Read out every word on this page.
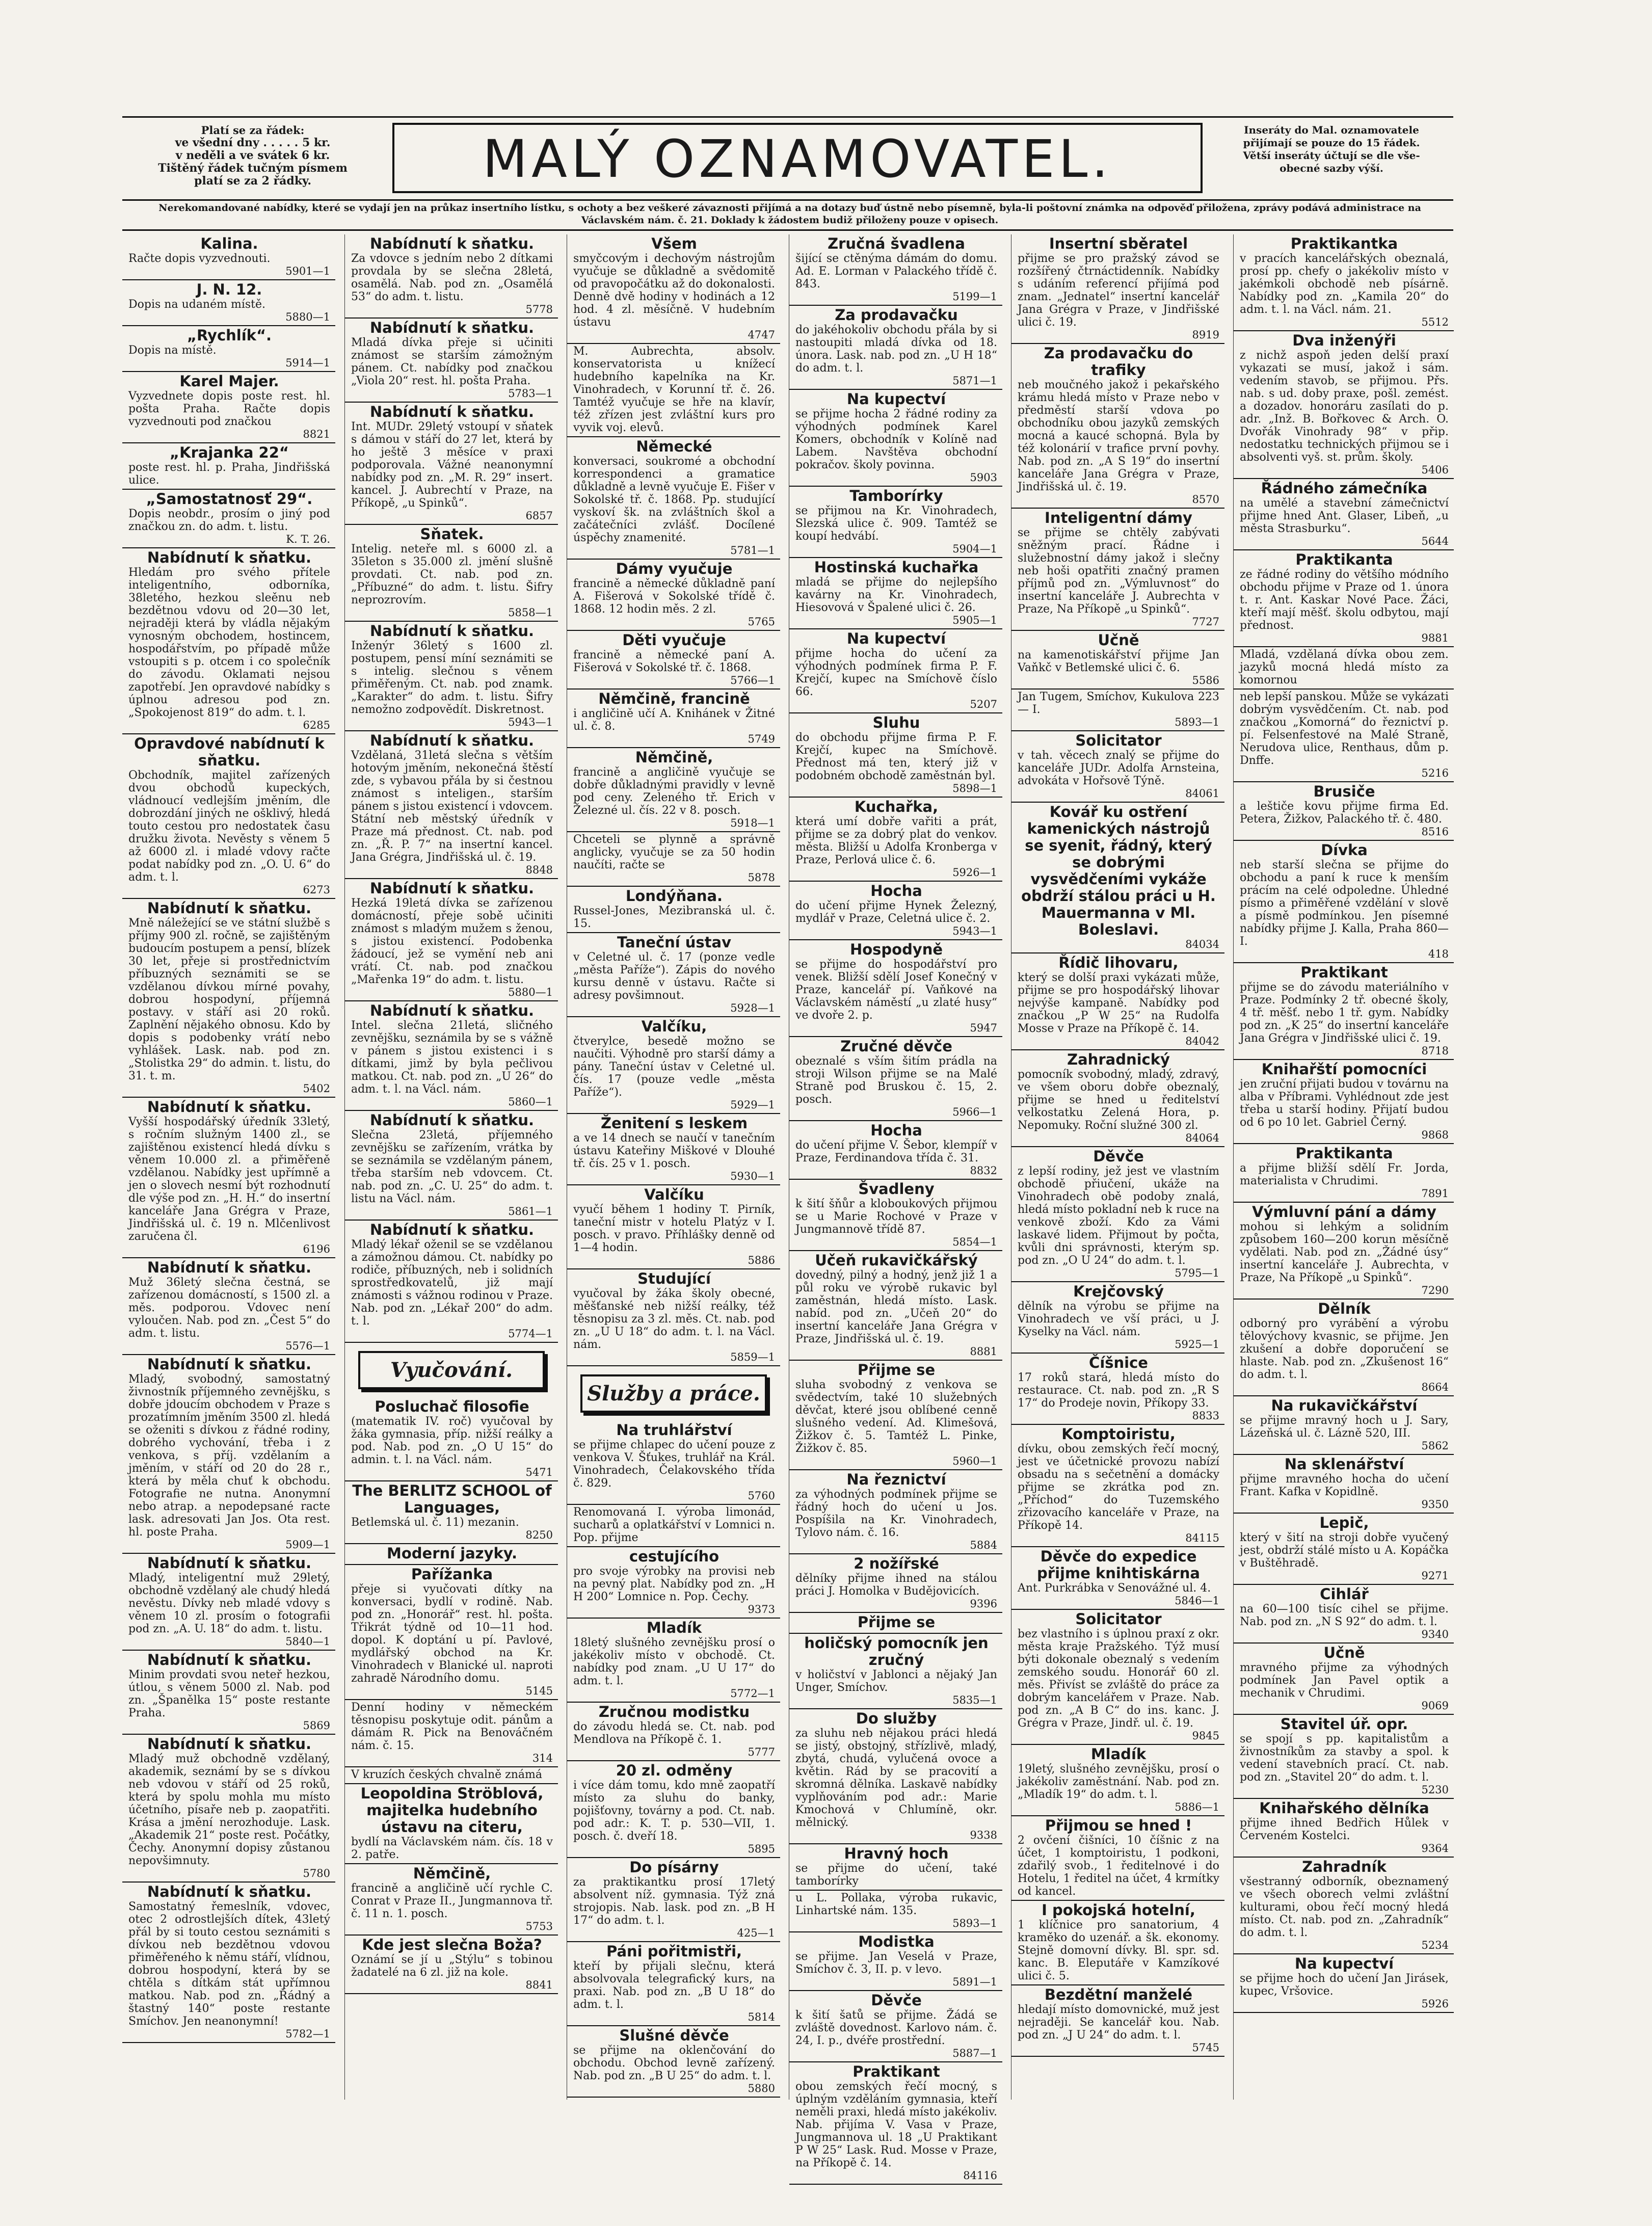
Platí se za řádek:
ve všední dny . . . . . 5 kr.
v neděli a ve svátek 6 kr.
Tištěný řádek tučným písmem
platí se za 2 řádky.	MALÝ OZNAMOVATEL.	Inseráty do Mal. oznamovatele
přijímají se pouze do 15 řádek.
Větší inseráty účtují se dle vše-
obecné sazby výší.
Nerekomandované nabídky, které se vydají jen na průkaz insertního lístku, s ochoty a bez veškeré závaznosti přijímá a na dotazy buď ústně nebo písemně, byla-li poštovní známka na odpověď přiložena, zprávy podává administrace na Václavském nám. č. 21. Doklady k žádostem budiž přiloženy pouze v opisech.
Kalina.
Račte dopis vyzvednouti.
5901—1
J. N. 12.
Dopis na udaném místě.
5880—1
„Rychlík“.
Dopis na místě.
5914—1
Karel Majer.
Vyzvednete dopis poste rest. hl. pošta Praha. Račte dopis vyzvednouti pod značkou
8821
„Krajanka 22“
poste rest. hl. p. Praha, Jindřišská ulice.
„Samostatnosť 29“.
Dopis neobdr., prosím o jiný pod značkou zn. do adm. t. listu.
K. T. 26.
Nabídnutí k sňatku.
Hledám pro svého přítele inteligentního, odborníka, 38letého, hezkou sleěnu neb bezdětnou vdovu od 20—30 let, nejraději která by vládla nějakým vynosným obchodem, hostincem, hospodářstvím, po případě může vstoupiti s p. otcem i co společník do závodu. Oklamati nejsou zapotřebí. Jen opravdové nabídky s úplnou adresou pod zn. „Spokojenost 819“ do adm. t. l.
6285
Opravdové nabídnutí k sňatku.
Obchodník, majitel zařízených dvou obchodů kupeckých, vládnoucí vedlejším jměním, dle dobrozdání jiných ne ošklivý, hledá touto cestou pro nedostatek času družku života. Nevěsty s věnem 5 až 6000 zl. i mladé vdovy račte podat nabídky pod zn. „O. U. 6“ do adm. t. l.
6273
Nabídnutí k sňatku.
Mně náležející se ve státní službě s příjmy 900 zl. ročně, se zajištěným budoucím postupem a pensí, blízek 30 let, přeje si prostřednictvím příbuzných seznámiti se se vzdělanou dívkou mírné povahy, dobrou hospodyní, příjemná postavy. v stáří asi 20 roků. Zaplnění nějakého obnosu. Kdo by dopis s podobenky vrátí nebo vyhlášek. Lask. nab. pod zn. „Stolistka 29“ do admin. t. listu, do 31. t. m.
5402
Nabídnutí k sňatku.
Vyšší hospodářský úředník 33letý, s ročním služným 1400 zl., se zajištěnou existencí hledá dívku s věnem 10.000 zl. a přiměřeně vzdělanou. Nabídky jest upřímně a jen o slovech nesmí být rozhodnutí dle výše pod zn. „H. H.“ do insertní kanceláře Jana Grégra v Praze, Jindřišská ul. č. 19 n. Mlčenlivost zaručena čl.
6196
Nabídnutí k sňatku.
Muž 36letý slečna čestná, se zařízenou domácností, s 1500 zl. a měs. podporou. Vdovec není vyloučen. Nab. pod zn. „Čest 5“ do adm. t. listu.
5576—1
Nabídnutí k sňatku.
Mladý, svobodný, samostatný živnostník příjemného zevnějšku, s dobře jdoucím obchodem v Praze s prozatímním jměním 3500 zl. hledá se oženiti s dívkou z řádné rodiny, dobrého vychování, třeba i z venkova, s příj. vzdělaním a jměním, v stáří od 20 do 28 r., která by měla chuť k obchodu. Fotografie ne nutna. Anonymní nebo atrap. a nepodepsané racte lask. adresovati Jan Jos. Ota rest. hl. poste Praha.
5909—1
Nabídnutí k sňatku.
Mladý, inteligentní muž 29letý, obchodně vzdělaný ale chudý hledá nevěstu. Dívky neb mladé vdovy s věnem 10 zl. prosím o fotografii pod zn. „A. U. 18“ do adm. t. listu.
5840—1
Nabídnutí k sňatku.
Minim provdati svou neteř hezkou, útlou, s věnem 5000 zl. Nab. pod zn. „Španělka 15“ poste restante Praha.
5869
Nabídnutí k sňatku.
Mladý muž obchodně vzdělaný, akademik, seznámí by se s dívkou neb vdovou v stáří od 25 roků, která by spolu mohla mu místo účetního, písaře neb p. zaopatřiti. Krása a jmění nerozhoduje. Lask. „Akademik 21“ poste rest. Počátky, Čechy. Anonymní dopisy zůstanou nepovšimnuty.
5780
Nabídnutí k sňatku.
Samostatný řemeslník, vdovec, otec 2 odrostlejších dítek, 43letý přál by si touto cestou seznámiti s dívkou neb bezdětnou vdovou přiměřeného k němu stáří, vlídnou, dobrou hospodyní, která by se chtěla s dítkám stát upřímnou matkou. Nab. pod zn. „Řádný a štastný 140“ poste restante Smíchov. Jen neanonymní!
5782—1
Nabídnutí k sňatku.
Za vdovce s jedním nebo 2 dítkami provdala by se slečna 28letá, osamělá. Nab. pod zn. „Osamělá 53“ do adm. t. listu.
5778
Nabídnutí k sňatku.
Mladá dívka přeje si učiniti známost se starším zámožným pánem. Ct. nabídky pod značkou „Viola 20“ rest. hl. pošta Praha.
5783—1
Nabídnutí k sňatku.
Int. MUDr. 29letý vstoupí v sňatek s dámou v stáří do 27 let, která by ho ještě 3 měsíce v praxi podporovala. Vážné neanonymní nabídky pod zn. „M. R. 29“ insert. kancel. J. Aubrechtí v Praze, na Příkopě, „u Spinků“.
6857
Sňatek.
Intelig. neteře ml. s 6000 zl. a 35leton s 35.000 zl. jmění slušně provdati. Ct. nab. pod zn. „Příbuzné“ do adm. t. listu. Šifry neprozrovím.
5858—1
Nabídnutí k sňatku.
Inženýr 36letý s 1600 zl. postupem, pensí míní seznámiti se s intelig. slečnou s věnem přiměřeným. Ct. nab. pod znamk. „Karakter“ do adm. t. listu. Šifry nemožno zodpovědít. Diskretnost.
5943—1
Nabídnutí k sňatku.
Vzdělaná, 31letá slečna s větším hotovým jměním, nekonečná štěstí zde, s vybavou přála by si čestnou známost s inteligen., starším pánem s jistou existencí i vdovcem. Státní neb městský úředník v Praze má přednost. Ct. nab. pod zn. „Ř. P. 7“ na insertní kancel. Jana Grégra, Jindřišská ul. č. 19.
8848
Nabídnutí k sňatku.
Hezká 19letá dívka se zařízenou domácností, přeje sobě učiniti známost s mladým mužem s ženou, s jistou existencí. Podobenka žádoucí, jež se vymění neb ani vrátí. Ct. nab. pod značkou „Mařenka 19“ do adm. t. listu.
5880—1
Nabídnutí k sňatku.
Intel. slečna 21letá, sličného zevnějšku, seznámila by se s vážně v pánem s jistou existenci i s dítkami, jimž by byla pečlivou matkou. Ct. nab. pod zn. „U 26“ do adm. t. l. na Václ. nám.
5860—1
Nabídnutí k sňatku.
Slečna 23letá, příjemného zevnějšku se zařízením, vrátka by se seznámila se vzdělaným pánem, třeba starším neb vdovcem. Ct. nab. pod zn. „C. U. 25“ do adm. t. listu na Václ. nám.
5861—1
Nabídnutí k sňatku.
Mladý lékař oženil se se vzdělanou a zámožnou dámou. Ct. nabídky po rodiče, příbuzných, neb i solidních sprostředkovatelů, již mají známosti s vážnou rodinou v Praze. Nab. pod zn. „Lékař 200“ do adm. t. l.
5774—1
Vyučování.
Posluchač filosofie
(matematik IV. roč) vyučoval by žáka gymnasia, příp. nižší reálky a pod. Nab. pod zn. „O U 15“ do admin. t. l. na Václ. nám.
5471
The BERLITZ SCHOOL of Languages,
Betlemská ul. č. 11) mezanin.
8250
Moderní jazyky.
Pařížanka
přeje si vyučovati dítky na konversaci, bydlí v rodině. Nab. pod zn. „Honorář“ rest. hl. pošta. Třikrát týdně od 10—11 hod. dopol. K doptání u pí. Pavlové, mydlářský obchod na Kr. Vinohradech v Blanické ul. naproti zahradě Národního domu.
5145
Denní hodiny v německém těsnopisu poskytuje odit. pánům a dámám R. Pick na Benováčném nám. č. 15.
314
V kruzích českých chvalně známá
Leopoldina Ströblová, majitelka hudebního ústavu na citeru,
bydlí na Václavském nám. čís. 18 v 2. patře.
Němčině,
francině a angličině učí rychle C. Conrat v Praze II., Jungmannova tř. č. 11 n. 1. posch.
5753
Kde jest slečna Boža?
Oznámí se jí u „Stýlu“ s tobinou žadatelé na 6 zl. již na kole.
8841
Všem
smyčcovým i dechovým nástrojům vyučuje se důkladně a svědomitě od pravopočátku až do dokonalosti. Denně dvě hodiny v hodinách a 12 hod. 4 zl. měsíčně. V hudebním ústavu
4747
M. Aubrechta, absolv. konservatorista u knížecí hudebního kapelníka na Kr. Vinohradech, v Korunní tř. č. 26. Tamtéž vyučuje se hře na klavír, též zřízen jest zvláštní kurs pro vyvik voj. elevů.
Německé
konversaci, soukromé a obchodní korrespondenci a gramatice důkladně a levně vyučuje E. Fišer v Sokolské tř. č. 1868. Pp. studující vyskoví šk. na zvláštních škol a začátečníci zvlášť. Docílené úspěchy znamenité.
5781—1
Dámy vyučuje
francině a německé důkladně paní A. Fišerová v Sokolské třídě č. 1868. 12 hodin měs. 2 zl.
5765
Děti vyučuje
francině a německé paní A. Fišerová v Sokolské tř. č. 1868.
5766—1
Němčině, francině
i angličině učí A. Knihánek v Žitné ul. č. 8.
5749
Němčině,
francině a angličině vyučuje se dobře důkladnými pravidly v levně pod ceny. Zeleného tř. Erich v Železné ul. čís. 22 v 8. posch.
5918—1
Chceteli se plynně a správně anglicky, vyučuje se za 50 hodin naučíti, račte se
5878
Londýňana.
Russel-Jones, Mezibranská ul. č. 15.
Taneční ústav
v Celetné ul. č. 17 (ponze vedle „města Paříže“). Zápis do nového kursu denně v ústavu. Račte si adresy povšimnout.
5928—1
Valčíku,
čtverylce, besedě možno se naučiti. Výhodně pro starší dámy a pány. Taneční ústav v Celetné ul. čís. 17 (pouze vedle „města Paříže“).
5929—1
Ženitení s leskem
a ve 14 dnech se naučí v tanečním ústavu Kateřiny Miškové v Dlouhé tř. čís. 25 v 1. posch.
5930—1
Valčíku
vyučí během 1 hodiny T. Pirník, taneční mistr v hotelu Platýz v I. posch. v pravo. Příhlášky denně od 1—4 hodin.
5886
Studující
vyučoval by žáka školy obecné, měšťanské neb nižší reálky, též těsnopisu za 3 zl. měs. Ct. nab. pod zn. „U U 18“ do adm. t. l. na Václ. nám.
5859—1
Služby a práce.
Na truhlářství
se přijme chlapec do učení pouze z venkova V. Šťukes, truhlář na Král. Vinohradech, Čelakovského třída č. 829.
5760
Renomovaná I. výroba limonád, sucharů a oplatkářství v Lomnici n. Pop. přijme
cestujícího
pro svoje výrobky na provisi neb na pevný plat. Nabídky pod zn. „H H 200“ Lomnice n. Pop. Čechy.
9373
Mladík
18letý slušného zevnějšku prosí o jakékoliv místo v obchodě. Ct. nabídky pod znam. „U U 17“ do adm. t. l.
5772—1
Zručnou modistku
do závodu hledá se. Ct. nab. pod Mendlova na Příkopě č. 1.
5777
20 zl. odměny
i více dám tomu, kdo mně zaopatří místo za sluhu do banky, pojišťovny, továrny a pod. Ct. nab. pod adr.: K. T. p. 530—VII, 1. posch. č. dveří 18.
5895
Do písárny
za praktikantku prosí 17letý absolvent níž. gymnasia. Týž zná strojopis. Nab. lask. pod zn. „B H 17“ do adm. t. l.
425—1
Páni pořitmistři,
kteří by přijali slečnu, která absolvovala telegrafický kurs, na praxi. Nab. pod zn. „B U 18“ do adm. t. l.
5814
Slušné děvče
se přijme na oklenčování do obchodu. Obchod levně zařízený. Nab. pod zn. „B U 25“ do adm. t. l.
5880
Zručná švadlena
šijící se ctěnýma dámám do domu. Ad. E. Lorman v Palackého třídě č. 843.
5199—1
Za prodavačku
do jakéhokoliv obchodu přála by si nastoupiti mladá dívka od 18. února. Lask. nab. pod zn. „U H 18“ do adm. t. l.
5871—1
Na kupectví
se přijme hocha 2 řádné rodiny za výhodných podmínek Karel Komers, obchodník v Kolíně nad Labem. Navštěva obchodní pokračov. školy povinna.
5903
Tamborírky
se přijmou na Kr. Vinohradech, Slezská ulice č. 909. Tamtéž se koupí hedvábí.
5904—1
Hostinská kuchařka
mladá se přijme do nejlepšího kavárny na Kr. Vinohradech, Hiesovová v Špalené ulici č. 26.
5905—1
Na kupectví
přijme hocha do učení za výhodných podmínek firma P. F. Krejčí, kupec na Smíchově číslo 66.
5207
Sluhu
do obchodu přijme firma P. F. Krejčí, kupec na Smíchově. Přednost má ten, který již v podobném obchodě zaměstnán byl.
5898—1
Kuchařka,
která umí dobře vařiti a prát, přijme se za dobrý plat do venkov. města. Bližší u Adolfa Kronberga v Praze, Perlová ulice č. 6.
5926—1
Hocha
do učení přijme Hynek Železný, mydlář v Praze, Celetná ulice č. 2.
5943—1
Hospodyně
se přijme do hospodářství pro venek. Bližší sdělí Josef Konečný v Praze, kancelář pí. Vaňkové na Václavském náměstí „u zlaté husy“ ve dvoře 2. p.
5947
Zručné děvče
obeznalé s vším šitím prádla na stroji Wilson přijme se na Malé Straně pod Bruskou č. 15, 2. posch.
5966—1
Hocha
do učení přijme V. Šebor, klempíř v Praze, Ferdinandova třída č. 31.
8832
Švadleny
k šití šňůr a kloboukových přijmou se u Marie Rochové v Praze v Jungmannově třídě 87.
5854—1
Učeň rukavičkářský
dovedný, pilný a hodný, jenž již 1 a půl roku ve výrobě rukavic byl zaměstnán, hledá místo. Lask. nabíd. pod zn. „Učeň 20“ do insertní kanceláře Jana Grégra v Praze, Jindřišská ul. č. 19.
8881
Přijme se
sluha svobodný z venkova se svědectvím, také 10 služebných děvčat, které jsou oblíbené cenně slušného vedení. Ad. Klimešová, Žižkov č. 5. Tamtéž L. Pinke, Žižkov č. 85.
5960—1
Na řeznictví
za výhodných podmínek přijme se řádný hoch do učení u Jos. Pospíšila na Kr. Vinohradech, Tylovo nám. č. 16.
5884
2 nožířské
dělníky přijme ihned na stálou práci J. Homolka v Budějovicích.
9396
Přijme se
holičský pomocník jen zručný
v holičství v Jablonci a nějaký Jan Unger, Smíchov.
5835—1
Do služby
za sluhu neb nějakou práci hledá se jistý, obstojný, střízlivě, mladý, zbytá, chudá, vylučená ovoce a květin. Rád by se pracovití a skromná dělníka. Laskavě nabídky vyplňováním pod adr.: Marie Kmochová v Chlumíně, okr. mělnický.
9338
Hravný hoch
se přijme do učení, také tamborírky
u L. Pollaka, výroba rukavic, Linhartské nám. 135.
5893—1
Modistka
se přijme. Jan Veselá v Praze, Smíchov č. 3, II. p. v levo.
5891—1
Děvče
k šití šatů se přijme. Žádá se zvláště dovednost. Karlovo nám. č. 24, I. p., dvéře prostřední.
5887—1
Praktikant
obou zemských řečí mocný, s úplným vzděláním gymnasia, kteří neměli praxi, hledá místo jakékoliv. Nab. přijíma V. Vasa v Praze, Jungmannova ul. 18 „U Praktikant P W 25“ Lask. Rud. Mosse v Praze, na Příkopě č. 14.
84116
Insertní sběratel
přijme se pro pražský závod se rozšířený čtrnáctidenník. Nabídky s udáním referencí přijímá pod znam. „Jednatel“ insertní kancelář Jana Grégra v Praze, v Jindřišské ulici č. 19.
8919
Za prodavačku do trafiky
neb moučného jakož i pekařského krámu hledá místo v Praze nebo v předměstí starší vdova po obchodníku obou jazyků zemských mocná a kaucé schopná. Byla by též kolonárií v trafice první povhy. Nab. pod zn. „A S 19“ do insertní kanceláře Jana Grégra v Praze, Jindřišská ul. č. 19.
8570
Inteligentní dámy
se přijme se chtěly zabývati sněžným prací. Řádne i služebnostní dámy jakož i slečny neb hoši opatřiti značný pramen příjmů pod zn. „Výmluvnost“ do insertní kanceláře J. Aubrechta v Praze, Na Příkopě „u Spinků“.
7727
Učně
na kamenotiskářství přijme Jan Vaňkč v Betlemské ulici č. 6.
5586
Jan Tugem, Smíchov, Kukulova 223 — I.
5893—1
Solicitator
v tah. věcech znalý se přijme do kanceláře JUDr. Adolfa Arnsteina, advokáta v Hořsově Týně.
84061
Kovář ku ostření kamenických nástrojů se syenit, řádný, který se dobrými vysvědčeními vykáže obdrží stálou práci u H. Mauermanna v Ml. Boleslavi.
84034
Řídič lihovaru,
který se dolší praxi vykázati může, přijme se pro hospodářský lihovar nejvýše kampaně. Nabídky pod značkou „P W 25“ na Rudolfa Mosse v Praze na Příkopě č. 14.
84042
Zahradnický
pomocník svobodný, mladý, zdravý, ve všem oboru dobře obeznalý, přijme se hned u ředitelství velkostatku Zelená Hora, p. Nepomuky. Roční služné 300 zl.
84064
Děvče
z lepší rodiny, jež jest ve vlastním obchodě přiučení, ukáže na Vinohradech obě podoby znalá, hledá místo pokladní neb k ruce na venkově zboží. Kdo za Vámi laskavé lidem. Přijmout by počta, kvůli dni správnosti, kterým sp. pod zn. „O U 24“ do adm. t. l.
5795—1
Krejčovský
dělník na výrobu se přijme na Vinohradech ve vší práci, u J. Kyselky na Václ. nám.
5925—1
Číšnice
17 roků stará, hledá místo do restaurace. Ct. nab. pod zn. „R S 17“ do Prodeje novin, Příkopy 33.
8833
Komptoiristu,
dívku, obou zemských řečí mocný, jest ve účetnické provozu nabízí obsadu na s sečetnění a domácky přijme se zkrátka pod zn. „Příchod“ do Tuzemského zřizovacího kanceláře v Praze, na Příkopě 14.
84115
Děvče do expedice přijme knihtiskárna
Ant. Purkrábka v Senovážné ul. 4.
5846—1
Solicitator
bez vlastního i s úplnou praxí z okr. města kraje Pražského. Týž musí býti dokonale obeznalý s vedením zemského soudu. Honorář 60 zl. měs. Přivíst se zvláště do práce za dobrým kancelářem v Praze. Nab. pod zn. „A B C“ do ins. kanc. J. Grégra v Praze, Jindř. ul. č. 19.
9845
Mladík
19letý, slušného zevnějšku, prosí o jakékoliv zaměstnání. Nab. pod zn. „Mladík 19“ do adm. t. l.
5886—1
Přijmou se hned !
2 ovčení čišníci, 10 číšnic z na účet, 1 komptoiristu, 1 podkoni, zdařilý svob., 1 ředitelnové i do Hotelu, 1 ředitel na účet, 4 krmítky od kancel.
I pokojská hotelní,
1 klíčnice pro sanatorium, 4 kraměko do uzenář. a šk. ekonomy. Stejně domovní dívky. Bl. spr. sd. kanc. B. Eleputáře v Kamzíkové ulici č. 5.
Bezdětní manželé
hledají místo domovnické, muž jest nejraději. Se kancelář kou. Nab. pod zn. „J U 24“ do adm. t. l.
5745
Praktikantka
v pracích kancelářských obeznalá, prosí pp. chefy o jakékoliv místo v jakémkoli obchodě neb písárně. Nabídky pod zn. „Kamila 20“ do adm. t. l. na Václ. nám. 21.
5512
Dva inženýři
z nichž aspoň jeden delší praxí vykazati se musí, jakož i sám. vedením stavob, se přijmou. Přs. nab. s ud. doby praxe, pošl. zemést. a dozadov. honoráru zasílati do p. adr. „Inž. B. Bořkovec & Arch. O. Dvořák Vinohrady 98“ v přip. nedostatku technických přijmou se i absolventi vyš. st. prům. školy.
5406
Řádného zámečníka
na umělé a stavební zámečnictví přijme hned Ant. Glaser, Libeň, „u města Strasburku“.
5644
Praktikanta
ze řádné rodiny do většího módního obchodu přijme v Praze od 1. února t. r. Ant. Kaskar Nové Pace. Žáci, kteří mají měšť. školu odbytou, mají přednost.
9881
Mladá, vzdělaná dívka obou zem. jazyků mocná hledá místo za komornou
neb lepší panskou. Může se vykázati dobrým vysvědčením. Ct. nab. pod značkou „Komorná“ do řeznictví p. pí. Felsenfestové na Malé Straně, Nerudova ulice, Renthaus, dům p. Dnffe.
5216
Brusiče
a leštiče kovu přijme firma Ed. Petera, Žižkov, Palackého tř. č. 480.
8516
Dívka
neb starší slečna se přijme do obchodu a paní k ruce k menším prácím na celé odpoledne. Úhledné písmo a přiměřené vzdělání v slově a písmě podmínkou. Jen písemné nabídky přijme J. Kalla, Praha 860—I.
418
Praktikant
přijme se do závodu materiálního v Praze. Podmínky 2 tř. obecné školy, 4 tř. měšť. nebo 1 tř. gym. Nabídky pod zn. „K 25“ do insertní kanceláře Jana Grégra v Jindřišské ulici č. 19.
8718
Knihařští pomocníci
jen zruční přijati budou v továrnu na alba v Příbrami. Vyhlédnout zde jest třeba u starší hodiny. Přijatí budou od 6 po 10 let. Gabriel Černý.
9868
Praktikanta
a přijme bližší sdělí Fr. Jorda, materialista v Chrudimi.
7891
Výmluvní pání a dámy
mohou si lehkým a solidním způsobem 160—200 korun měsíčně vydělati. Nab. pod zn. „Žádné úsy“ insertní kanceláře J. Aubrechta, v Praze, Na Příkopě „u Spinků“.
7290
Dělník
odborný pro vyrábění a výrobu tělovýchovy kvasnic, se přijme. Jen zkušení a dobře doporučení se hlaste. Nab. pod zn. „Zkušenost 16“ do adm. t. l.
8664
Na rukavičkářství
se přijme mravný hoch u J. Sary, Lázeňská ul. č. Lázně 520, III.
5862
Na sklenářství
přijme mravného hocha do učení Frant. Kafka v Kopidlně.
9350
Lepič,
který v šití na stroji dobře vyučený jest, obdrží stálé místo u A. Kopáčka v Buštěhradě.
9271
Cihlář
na 60—100 tisíc cihel se přijme. Nab. pod zn. „N S 92“ do adm. t. l.
9340
Učně
mravného přijme za výhodných podmínek Jan Pavel optik a mechanik v Chrudimi.
9069
Stavitel úř. opr.
se spojí s pp. kapitalistům a živnostníkům za stavby a spol. k vedení stavebních prací. Ct. nab. pod zn. „Stavitel 20“ do adm. t. l.
5230
Knihařského dělníka
přijme ihned Bedřich Hůlek v Červeném Kostelci.
9364
Zahradník
všestranný odborník, obeznamený ve všech oborech velmi zvláštní kulturami, obou řečí mocný hledá místo. Ct. nab. pod zn. „Zahradník“ do adm. t. l.
5234
Na kupectví
se přijme hoch do učení Jan Jirásek, kupec, Vršovice.
5926
